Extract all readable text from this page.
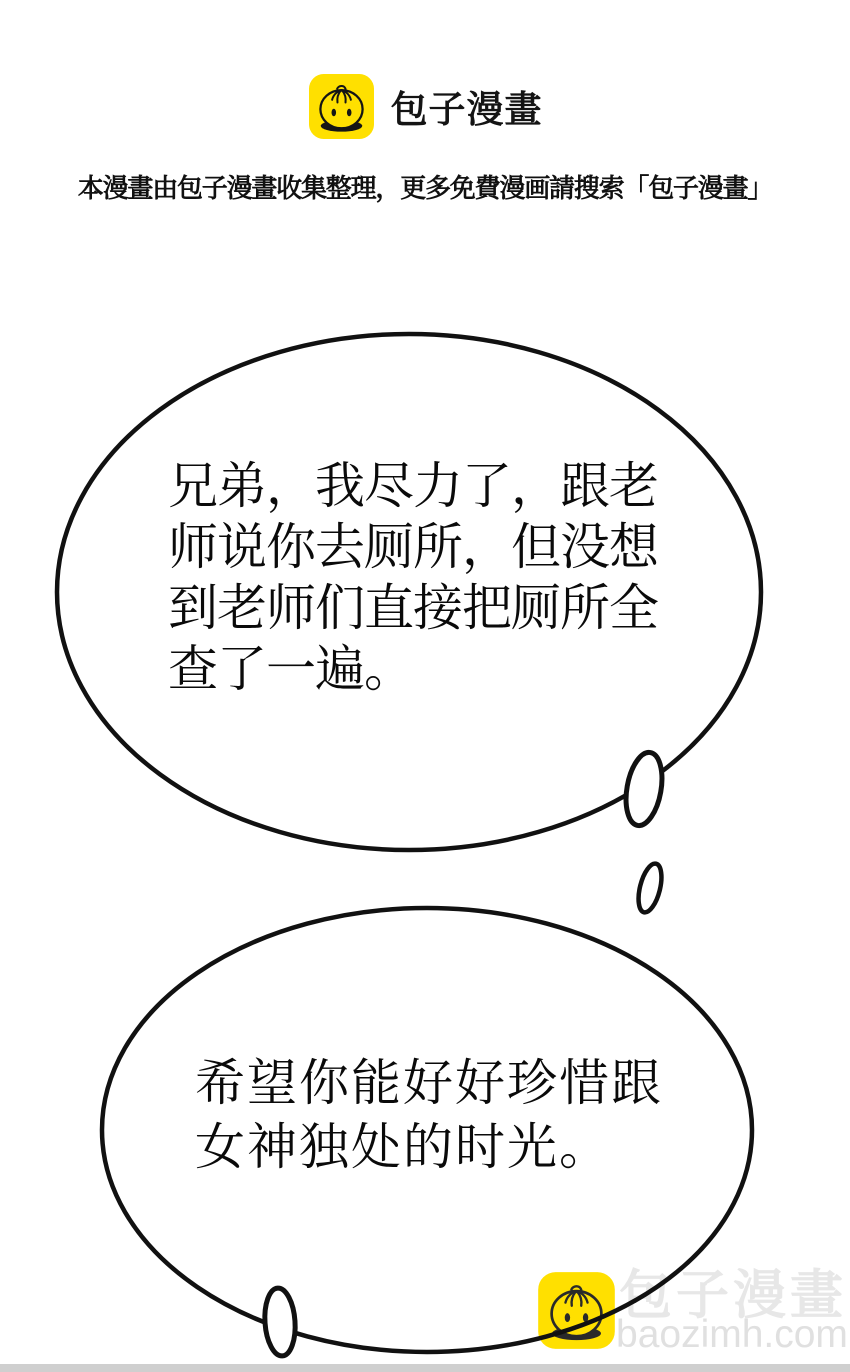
包子漫畫
本漫畫由包子漫畫收集整理，更多免費漫画請搜索「包子漫畫」
包子漫畫
baozimh.com
兄弟，我尽力了，跟老
师说你去厕所，但没想
到老师们直接把厕所全
查了一遍。
希望你能好好珍惜跟
女神独处的时光。
